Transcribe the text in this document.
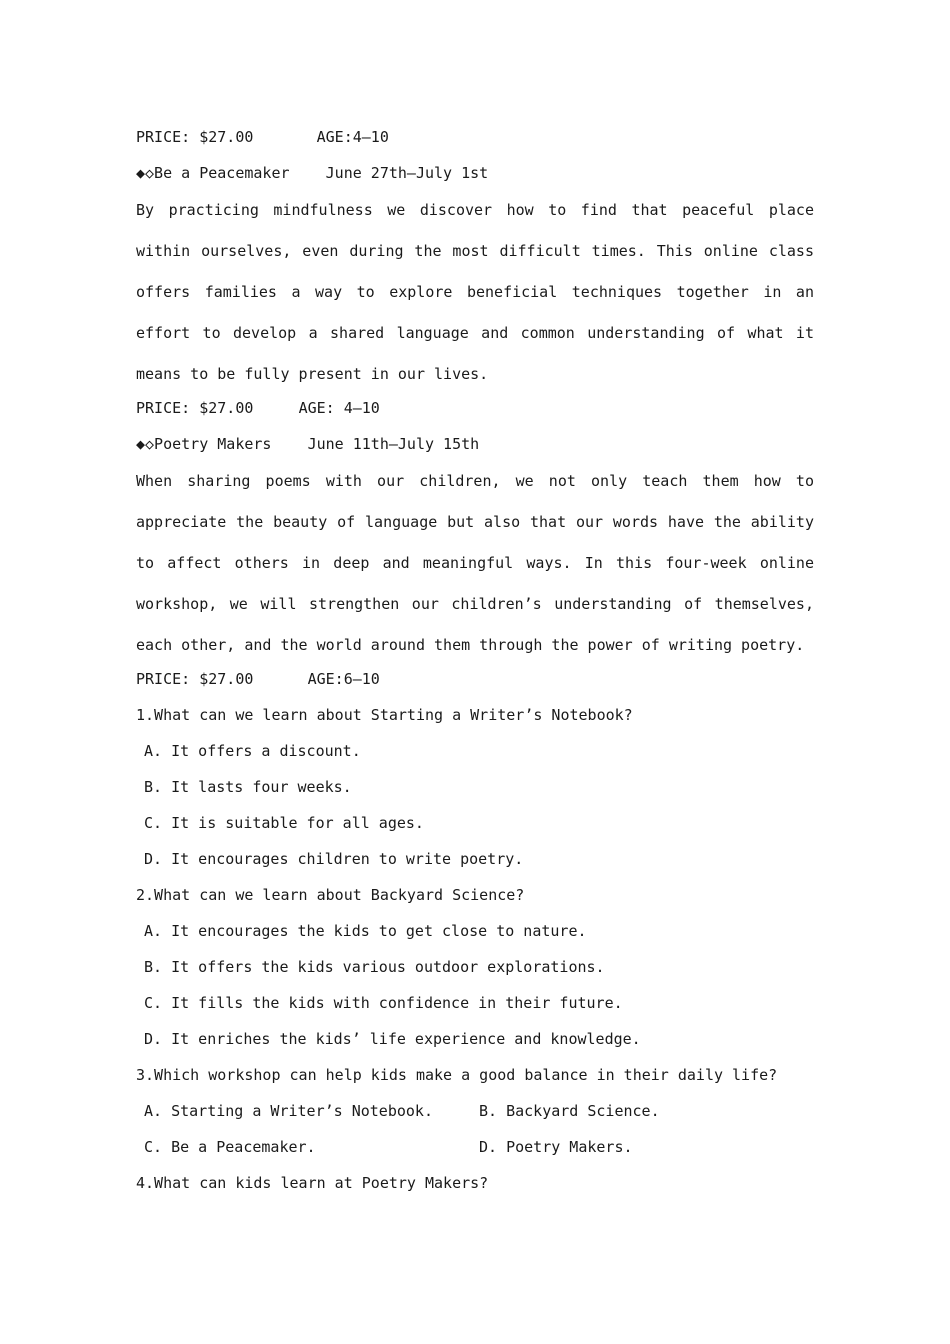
PRICE: $27.00	AGE:4—10
◆◇Be a Peacemaker June 27th—July 1st

By practicing mindfulness we discover how to find that peaceful place within ourselves, even during the most difficult times. This online class offers families a way to explore beneficial techniques together in an effort to develop a shared language and common understanding of what it means to be fully present in our lives.

PRICE: $27.00	AGE: 4—10
◆◇Poetry Makers June 11th—July 15th

When sharing poems with our children, we not only teach them how to appreciate the beauty of language but also that our words have the ability to affect others in deep and meaningful ways. In this four-week online workshop, we will strengthen our children’s understanding of themselves, each other, and the world around them through the power of writing poetry.

PRICE: $27.00	AGE:6—10
1.What can we learn about Starting a Writer’s Notebook?
A. It offers a discount.
B. It lasts four weeks.
C. It is suitable for all ages.
D. It encourages children to write poetry.
2.What can we learn about Backyard Science?
A. It encourages the kids to get close to nature.
B. It offers the kids various outdoor explorations.
C. It fills the kids with confidence in their future.
D. It enriches the kids’ life experience and knowledge.
3.Which workshop can help kids make a good balance in their daily life?
A. Starting a Writer’s Notebook.	B. Backyard Science.
C. Be a Peacemaker.	D. Poetry Makers.
4.What can kids learn at Poetry Makers?
